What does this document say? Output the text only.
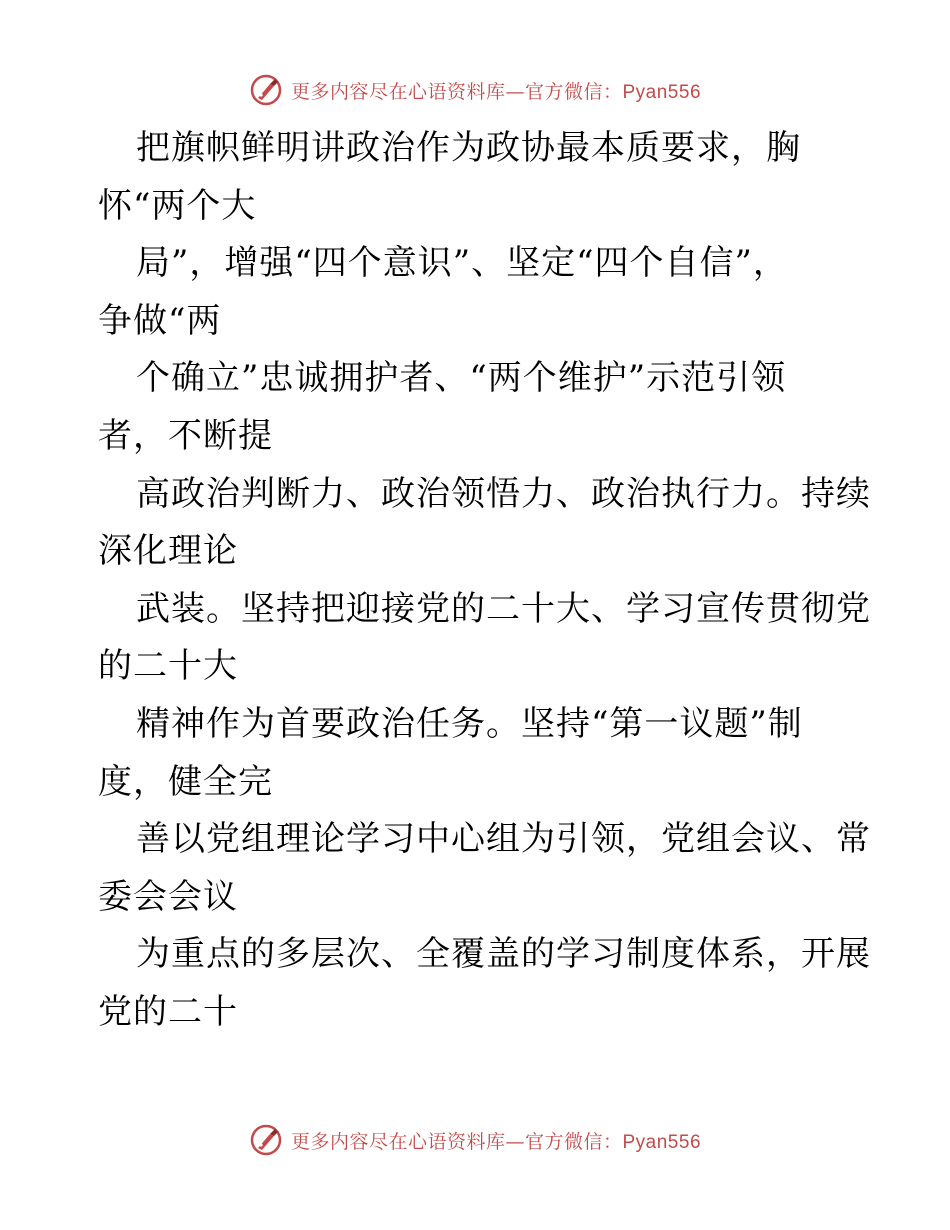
更多内容尽在心语资料库—官方微信：Pyan556
把旗帜鲜明讲政治作为政协最本质要求，胸
怀“两个大
局”，增强“四个意识”、坚定“四个自信”，
争做“两
个确立”忠诚拥护者、“两个维护”示范引领
者，不断提
高政治判断力、政治领悟力、政治执行力。持续
深化理论
武装。坚持把迎接党的二十大、学习宣传贯彻党
的二十大
精神作为首要政治任务。坚持“第一议题”制
度，健全完
善以党组理论学习中心组为引领，党组会议、常
委会会议
为重点的多层次、全覆盖的学习制度体系，开展
党的二十
更多内容尽在心语资料库—官方微信：Pyan556
